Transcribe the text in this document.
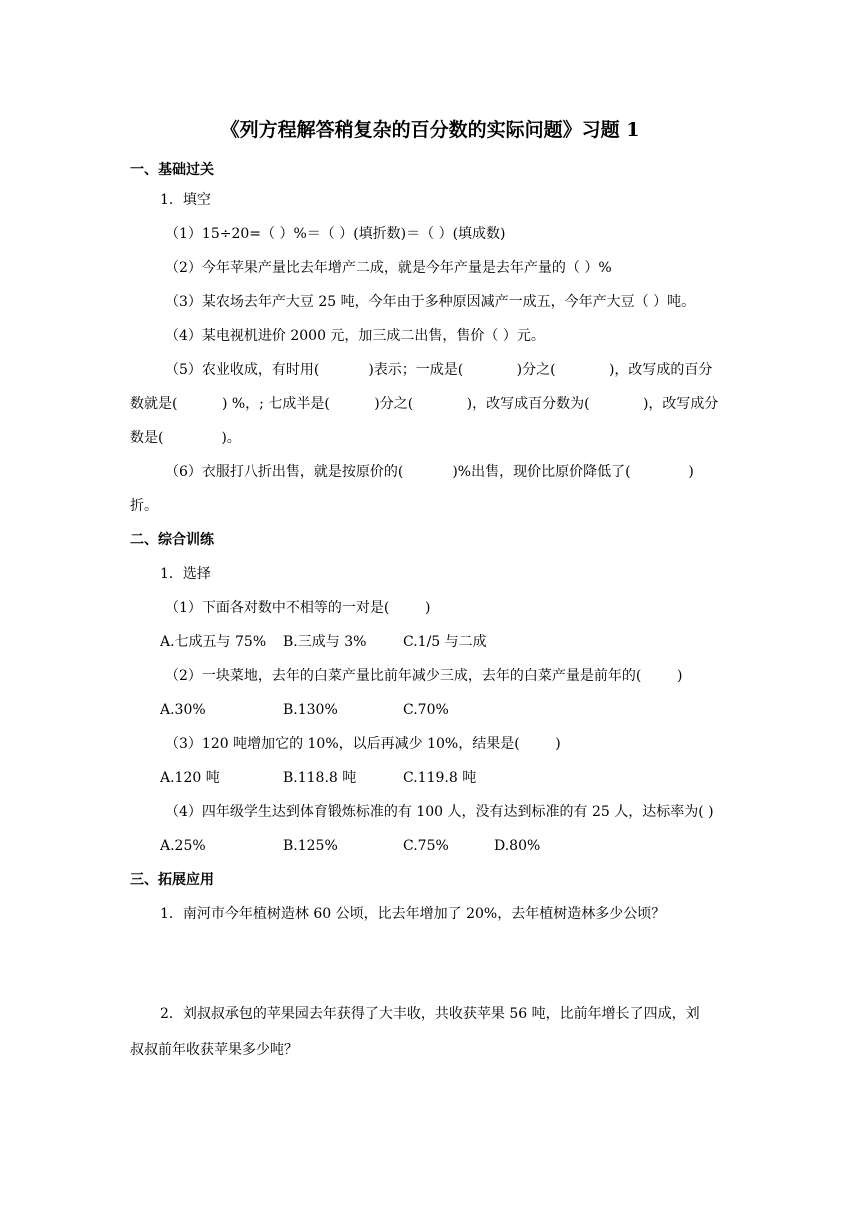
《列方程解答稍复杂的百分数的实际问题》习题 1
一、基础过关
1．填空
（1）15÷20=（ ）%＝（ ）(填折数)＝（ ）(填成数)
（2）今年苹果产量比去年增产二成，就是今年产量是去年产量的（ ）%
（3）某农场去年产大豆 25 吨，今年由于多种原因减产一成五，今年产大豆（ ）吨。
（4）某电视机进价 2000 元，加三成二出售，售价（ ）元。
（5）农业收成，有时用(           )表示；一成是(            )分之(            )，改写成的百分
数就是(          ) %，; 七成半是(          )分之(            )，改写成百分数为(            )，改写成分
数是(             )。
（6）衣服打八折出售，就是按原价的(           )%出售，现价比原价降低了(             )
折。
二、综合训练
1．选择
（1）下面各对数中不相等的一对是(        )
A.七成五与 75% B.三成与 3%	C.1/5 与二成
（2）一块菜地，去年的白菜产量比前年减少三成，去年的白菜产量是前年的(        )
A.30%	B.130%	C.70%
（3）120 吨增加它的 10%，以后再减少 10%，结果是(        )
A.120 吨	B.118.8 吨	C.119.8 吨
（4）四年级学生达到体育锻炼标准的有 100 人，没有达到标准的有 25 人，达标率为( )
A.25%	B.125%	C.75%	D.80%
三、拓展应用
1．南河市今年植树造林 60 公顷，比去年增加了 20%，去年植树造林多少公顷？
2．刘叔叔承包的苹果园去年获得了大丰收，共收获苹果 56 吨，比前年增长了四成，刘
叔叔前年收获苹果多少吨？
